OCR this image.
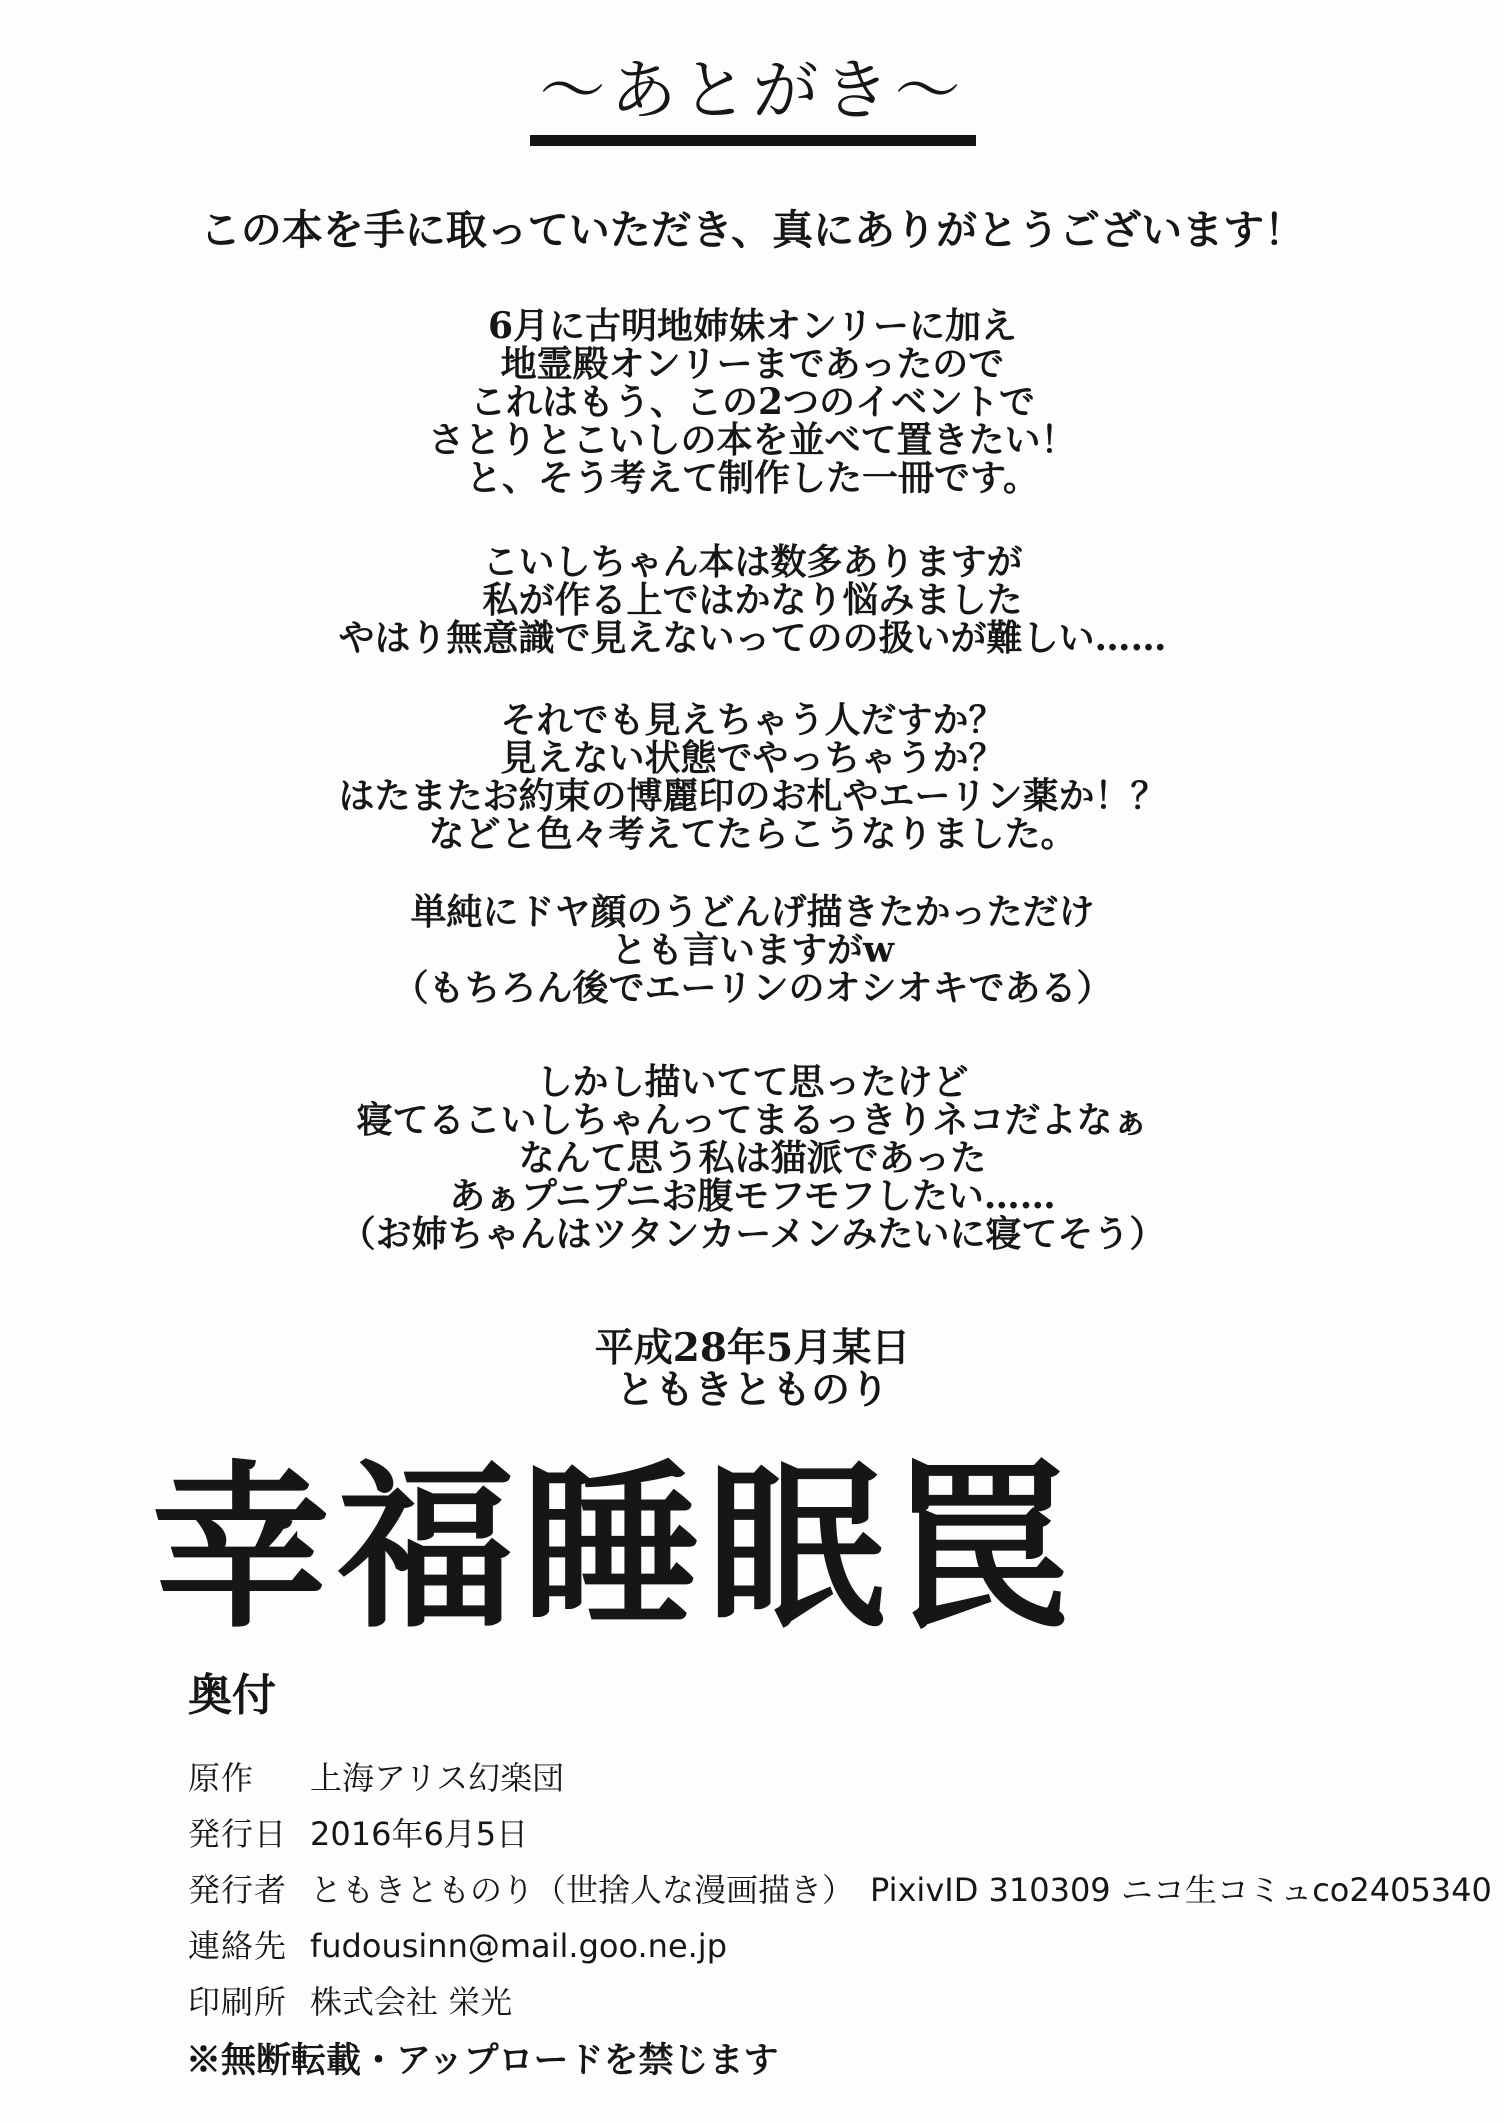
～あとがき～

この本を手に取っていただき、真にありがとうございます！

6月に古明地姉妹オンリーに加え
地霊殿オンリーまであったので
これはもう、この2つのイベントで
さとりとこいしの本を並べて置きたい！
と、そう考えて制作した一冊です。
こいしちゃん本は数多ありますが
私が作る上ではかなり悩みました
やはり無意識で見えないってのの扱いが難しい……
それでも見えちゃう人だすか？
見えない状態でやっちゃうか？
はたまたお約束の博麗印のお札やエーリン薬か！？
などと色々考えてたらこうなりました。
単純にドヤ顔のうどんげ描きたかっただけ
とも言いますがw
（もちろん後でエーリンのオシオキである）
しかし描いてて思ったけど
寝てるこいしちゃんってまるっきりネコだよなぁ
なんて思う私は猫派であった
あぁプニプニお腹モフモフしたい……
（お姉ちゃんはツタンカーメンみたいに寝てそう）
平成28年5月某日
ともきとものり
幸福睡眠罠
奥付
原作	上海アリス幻楽団
発行日 2016年6月5日
発行者 ともきとものり（世捨人な漫画描き）　PixivID 310309 ニコ生コミュco2405340
連絡先 fudousinn@mail.goo.ne.jp
印刷所 株式会社 栄光
※無断転載・アップロードを禁じます
